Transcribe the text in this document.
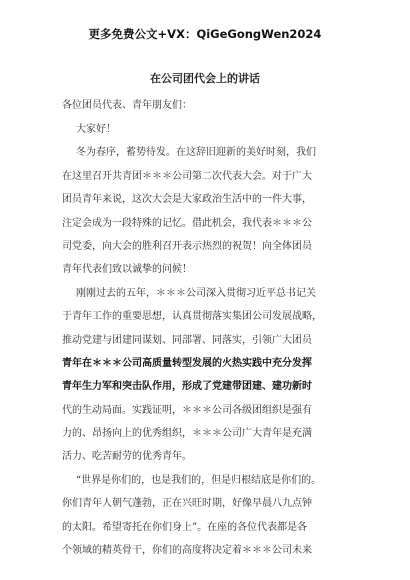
更多免费公文+VX：QiGeGongWen2024
在公司团代会上的讲话
各位团员代表、青年朋友们：
大家好！
冬为春序，蓄势待发。在这辞旧迎新的美好时刻，我们
在这里召开共青团＊＊＊公司第二次代表大会。对于广大
团员青年来说，这次大会是大家政治生活中的一件大事，
注定会成为一段特殊的记忆。借此机会，我代表＊＊＊公
司党委，向大会的胜利召开表示热烈的祝贺！向全体团员
青年代表们致以诚挚的问候！
刚刚过去的五年，＊＊＊公司深入贯彻习近平总书记关
于青年工作的重要思想，认真贯彻落实集团公司发展战略，
推动党建与团建同谋划、同部署、同落实，引领广大团员
青年在＊＊＊公司高质量转型发展的火热实践中充分发挥
青年生力军和突击队作用，形成了党建带团建、建功新时
代的生动局面。实践证明，＊＊＊公司各级团组织是强有
力的、昂扬向上的优秀组织，＊＊＊公司广大青年是充满
活力、吃苦耐劳的优秀青年。
“世界是你们的，也是我们的，但是归根结底是你们的。
你们青年人朝气蓬勃，正在兴旺时期，好像早晨八九点钟
的太阳。希望寄托在你们身上”。在座的各位代表都是各
个领域的精英骨干，你们的高度将决定着＊＊＊公司未来
